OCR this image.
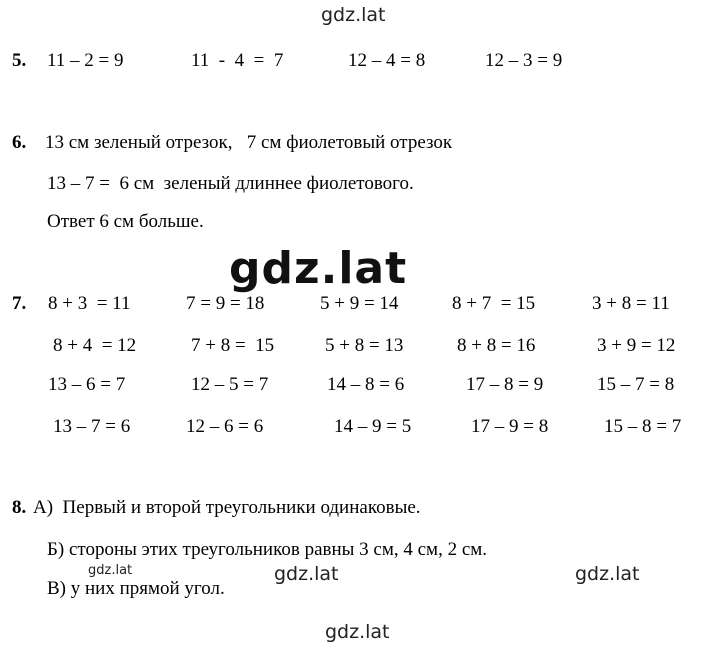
gdz.lat
gdz.lat
gdz.lat	gdz.lat	gdz.lat
gdz.lat
5. 11 – 2 = 9	11  -  4  =  7	12 – 4 = 8	12 – 3 = 9
6. 13 см зеленый отрезок,   7 см фиолетовый отрезок
13 – 7 =  6 см  зеленый длиннее фиолетового.
Ответ 6 см больше.
7. 8 + 3  = 11	7 = 9 = 18	5 + 9 = 14	8 + 7  = 15	3 + 8 = 11
8 + 4  = 12	7 + 8 =  15	5 + 8 = 13	8 + 8 = 16	3 + 9 = 12
13 – 6 = 7	12 – 5 = 7	14 – 8 = 6	17 – 8 = 9	15 – 7 = 8
13 – 7 = 6	12 – 6 = 6	14 – 9 = 5	17 – 9 = 8	15 – 8 = 7
8. А)  Первый и второй треугольники одинаковые.
Б) стороны этих треугольников равны 3 см, 4 см, 2 см.
В) у них прямой угол.
